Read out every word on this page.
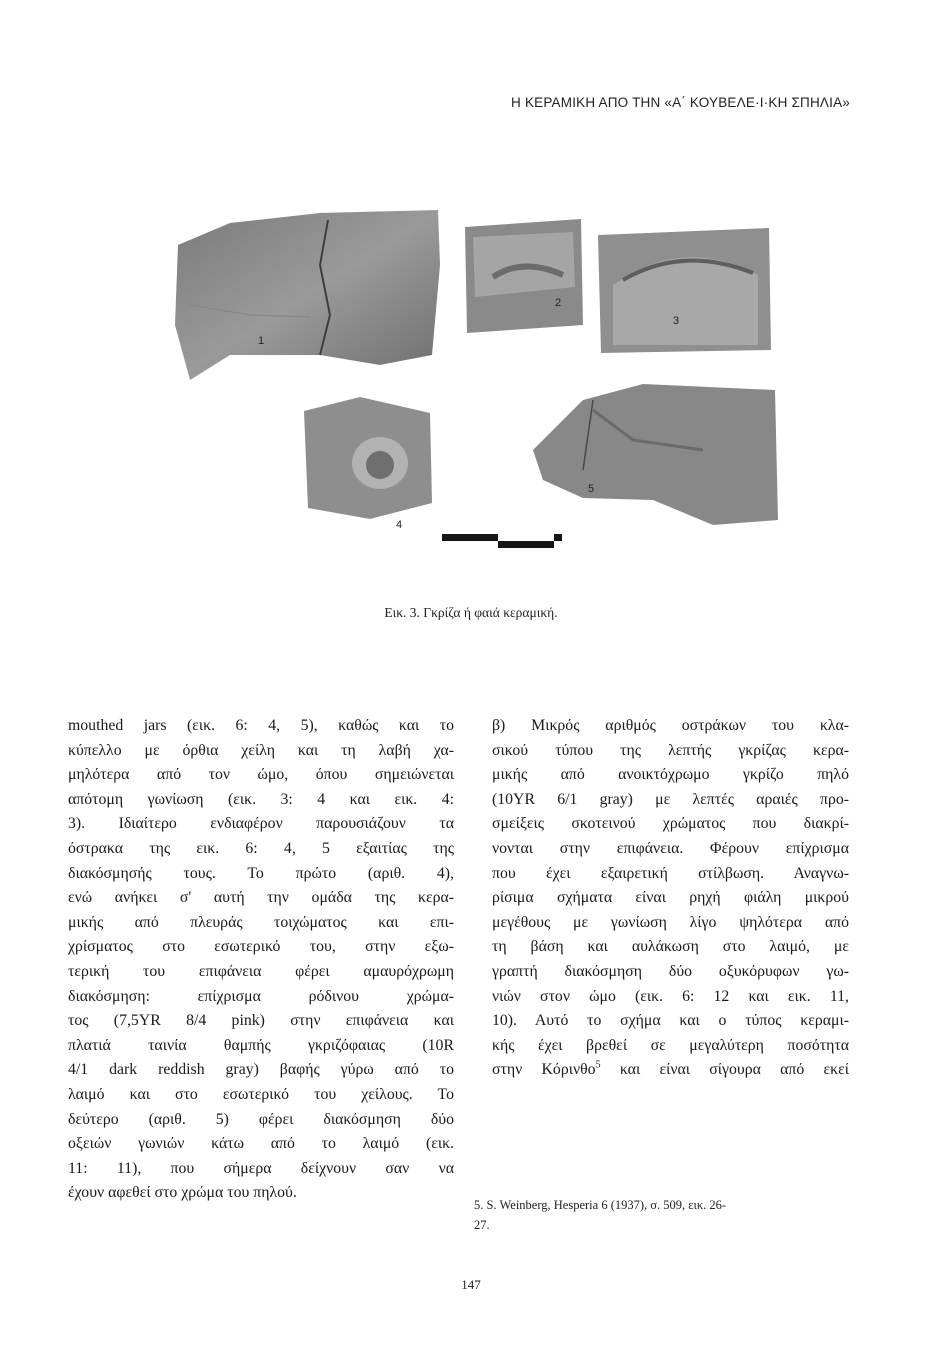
Η ΚΕΡΑΜΙΚΗ ΑΠΟ ΤΗΝ «Α΄ ΚΟΥΒΕΛΕ·Ι·ΚΗ ΣΠΗΛΙΑ»
1
2
3
4
5
Εικ. 3. Γκρίζα ή φαιά κεραμική.
mouthed jars (εικ. 6: 4, 5), καθώς και το
κύπελλο με όρθια χείλη και τη λαβή χα-
μηλότερα από τον ώμο, όπου σημειώνεται
απότομη γωνίωση (εικ. 3: 4 και εικ. 4:
3). Ιδιαίτερο ενδιαφέρον παρουσιάζουν τα
όστρακα της εικ. 6: 4, 5 εξαιτίας της
διακόσμησής τους. Το πρώτο (αριθ. 4),
ενώ ανήκει σ' αυτή την ομάδα της κερα-
μικής από πλευράς τοιχώματος και επι-
χρίσματος στο εσωτερικό του, στην εξω-
τερική του επιφάνεια φέρει αμαυρόχρωμη
διακόσμηση: επίχρισμα ρόδινου χρώμα-
τος (7,5YR 8/4 pink) στην επιφάνεια και
πλατιά ταινία θαμπής γκριζόφαιας (10R
4/1 dark reddish gray) βαφής γύρω από το
λαιμό και στο εσωτερικό του χείλους. Το
δεύτερο (αριθ. 5) φέρει διακόσμηση δύο
οξειών γωνιών κάτω από το λαιμό (εικ.
11: 11), που σήμερα δείχνουν σαν να
έχουν αφεθεί στο χρώμα του πηλού.
β) Μικρός αριθμός οστράκων του κλα-
σικού τύπου της λεπτής γκρίζας κερα-
μικής από ανοικτόχρωμο γκρίζο πηλό
(10YR 6/1 gray) με λεπτές αραιές προ-
σμείξεις σκοτεινού χρώματος που διακρί-
νονται στην επιφάνεια. Φέρουν επίχρισμα
που έχει εξαιρετική στίλβωση. Αναγνω-
ρίσιμα σχήματα είναι ρηχή φιάλη μικρού
μεγέθους με γωνίωση λίγο ψηλότερα από
τη βάση και αυλάκωση στο λαιμό, με
γραπτή διακόσμηση δύο οξυκόρυφων γω-
νιών στον ώμο (εικ. 6: 12 και εικ. 11,
10). Αυτό το σχήμα και ο τύπος κεραμι-
κής έχει βρεθεί σε μεγαλύτερη ποσότητα
στην Κόρινθο$^5$ και είναι σίγουρα από εκεί
5. S. Weinberg, Hesperia 6 (1937), σ. 509, εικ. 26-
27.
147
